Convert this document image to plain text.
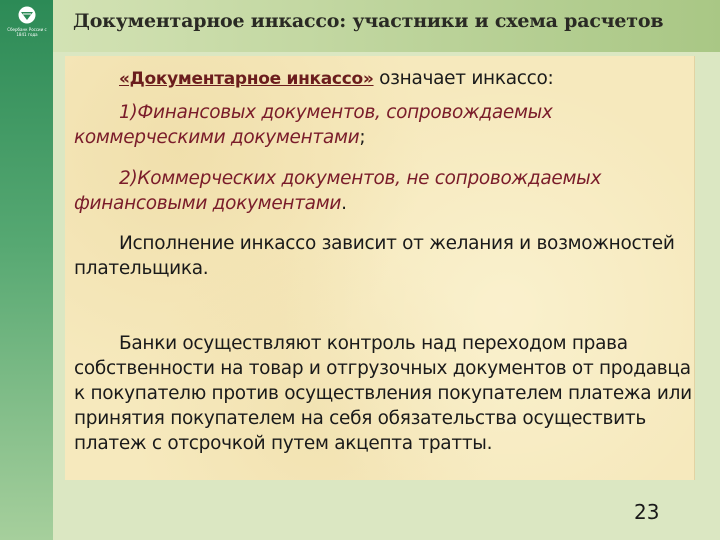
Сбербанк России с 1841 года
Документарное инкассо: участники и схема расчетов

«Документарное инкассо» означает инкассо:

1)Финансовых документов, сопровождаемых коммерческими документами;

2)Коммерческих документов, не сопровождаемых финансовыми документами.

Исполнение инкассо зависит от желания и возможностей плательщика.

Банки осуществляют контроль над переходом права собственности на товар и отгрузочных документов от продавца к покупателю против осуществления покупателем платежа или принятия покупателем на себя обязательства осуществить платеж с отсрочкой путем акцепта тратты.

23
